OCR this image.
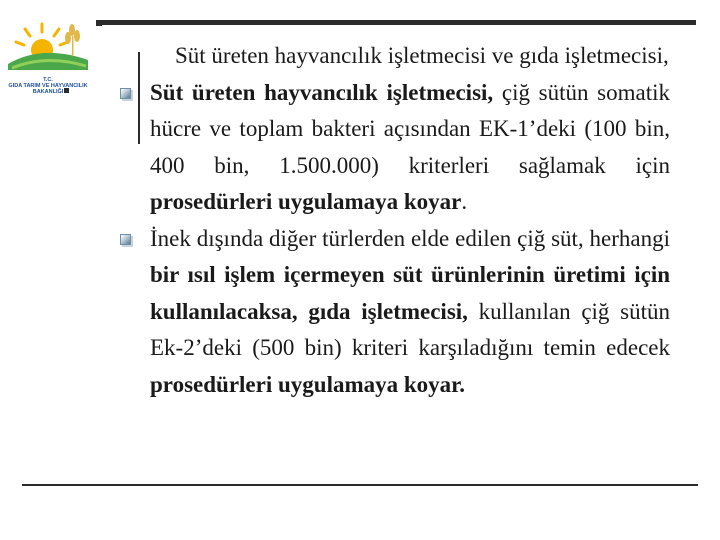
T.C.
GIDA TARIM VE HAYVANCILIK
BAKANLIĞI
Süt üreten hayvancılık işletmecisi ve gıda işletmecisi,
Süt üreten hayvancılık işletmecisi, çiğ sütün somatik hücre ve toplam bakteri açısından EK-1’deki (100 bin, 400 bin, 1.500.000) kriterleri sağlamak için prosedürleri uygulamaya koyar.
İnek dışında diğer türlerden elde edilen çiğ süt, herhangi bir ısıl işlem içermeyen süt ürünlerinin üretimi için kullanılacaksa, gıda işletmecisi, kullanılan çiğ sütün Ek-2’deki (500 bin) kriteri karşıladığını temin edecek prosedürleri uygulamaya koyar.
